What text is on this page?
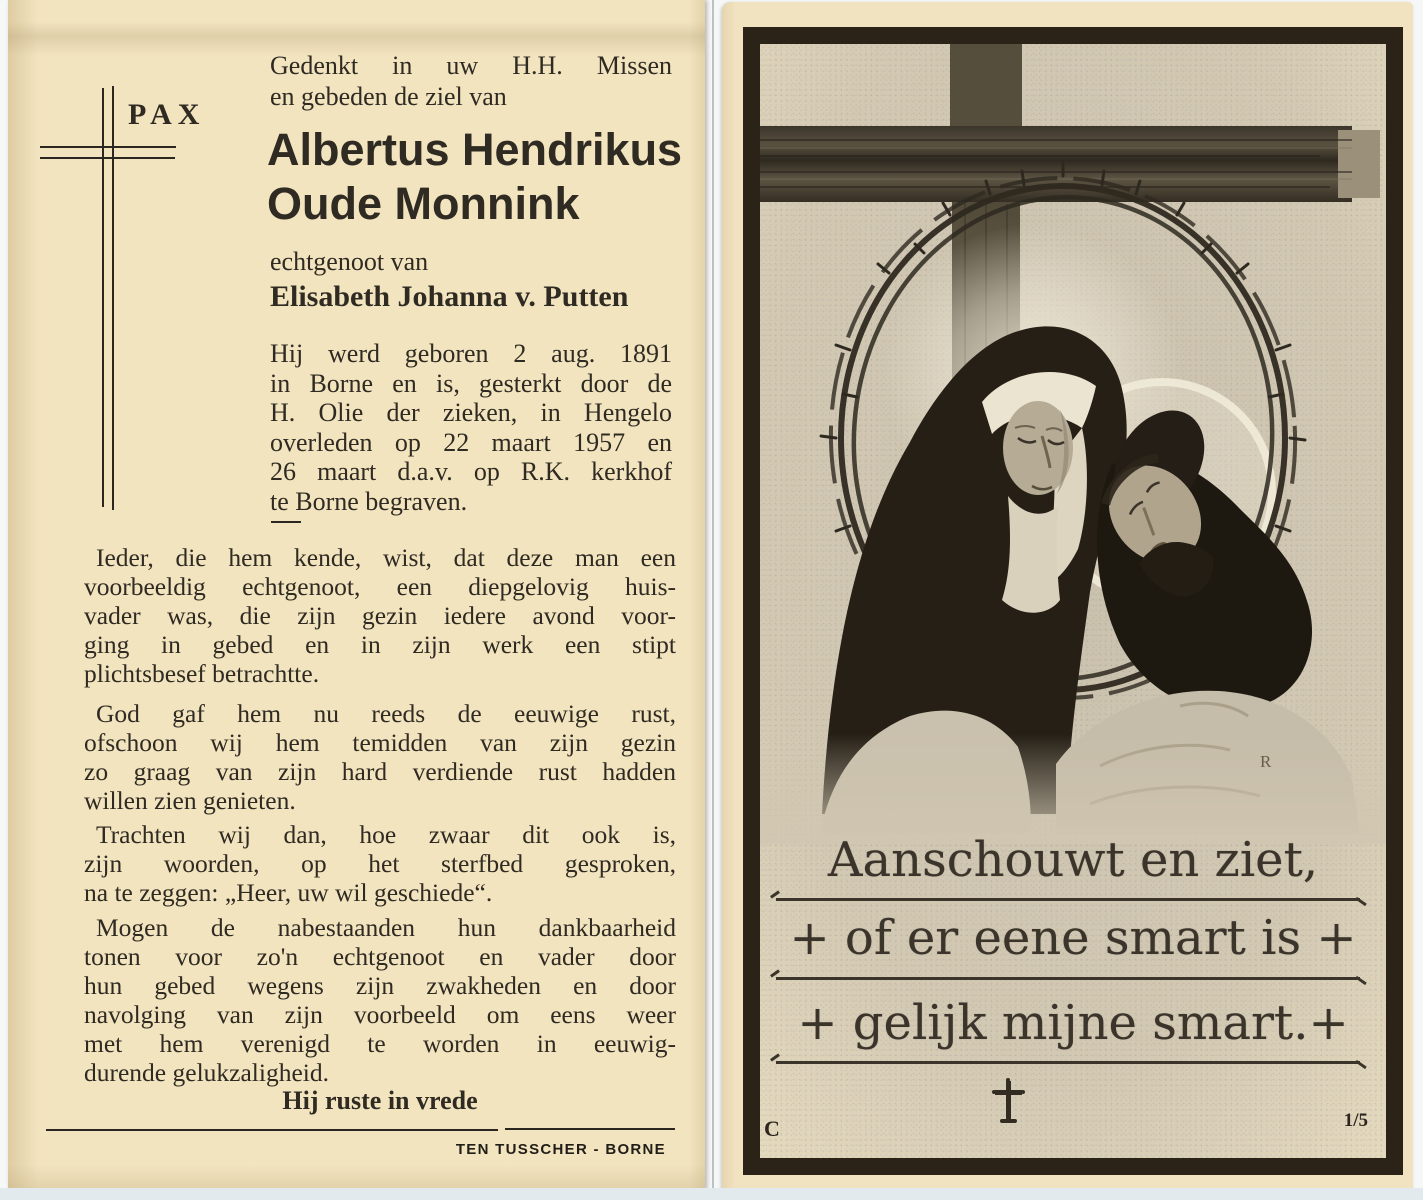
PAX
Gedenkt in uw H.H. Missen
en gebeden de ziel van
Albertus Hendrikus
Oude Monnink
echtgenoot van
Elisabeth Johanna v. Putten
Hij werd geboren 2 aug. 1891
in Borne en is, gesterkt door de
H. Olie der zieken, in Hengelo
overleden op 22 maart 1957 en
26 maart d.a.v. op R.K. kerkhof
te Borne begraven.
Ieder, die hem kende, wist, dat deze man een
voorbeeldig echtgenoot, een diepgelovig huis-
vader was, die zijn gezin iedere avond voor-
ging in gebed en in zijn werk een stipt
plichtsbesef betrachtte.
God gaf hem nu reeds de eeuwige rust,
ofschoon wij hem temidden van zijn gezin
zo graag van zijn hard verdiende rust hadden
willen zien genieten.
Trachten wij dan, hoe zwaar dit ook is,
zijn woorden, op het sterfbed gesproken,
na te zeggen: „Heer, uw wil geschiede“.
Mogen de nabestaanden hun dankbaarheid
tonen voor zo'n echtgenoot en vader door
hun gebed wegens zijn zwakheden en door
navolging van zijn voorbeeld om eens weer
met hem verenigd te worden in eeuwig-
durende gelukzaligheid.
Hij ruste in vrede
TEN TUSSCHER - BORNE
Aanschouwt en ziet,
+ of er eene smart is +
+ gelijk mijne smart.+
R
C	1/5
